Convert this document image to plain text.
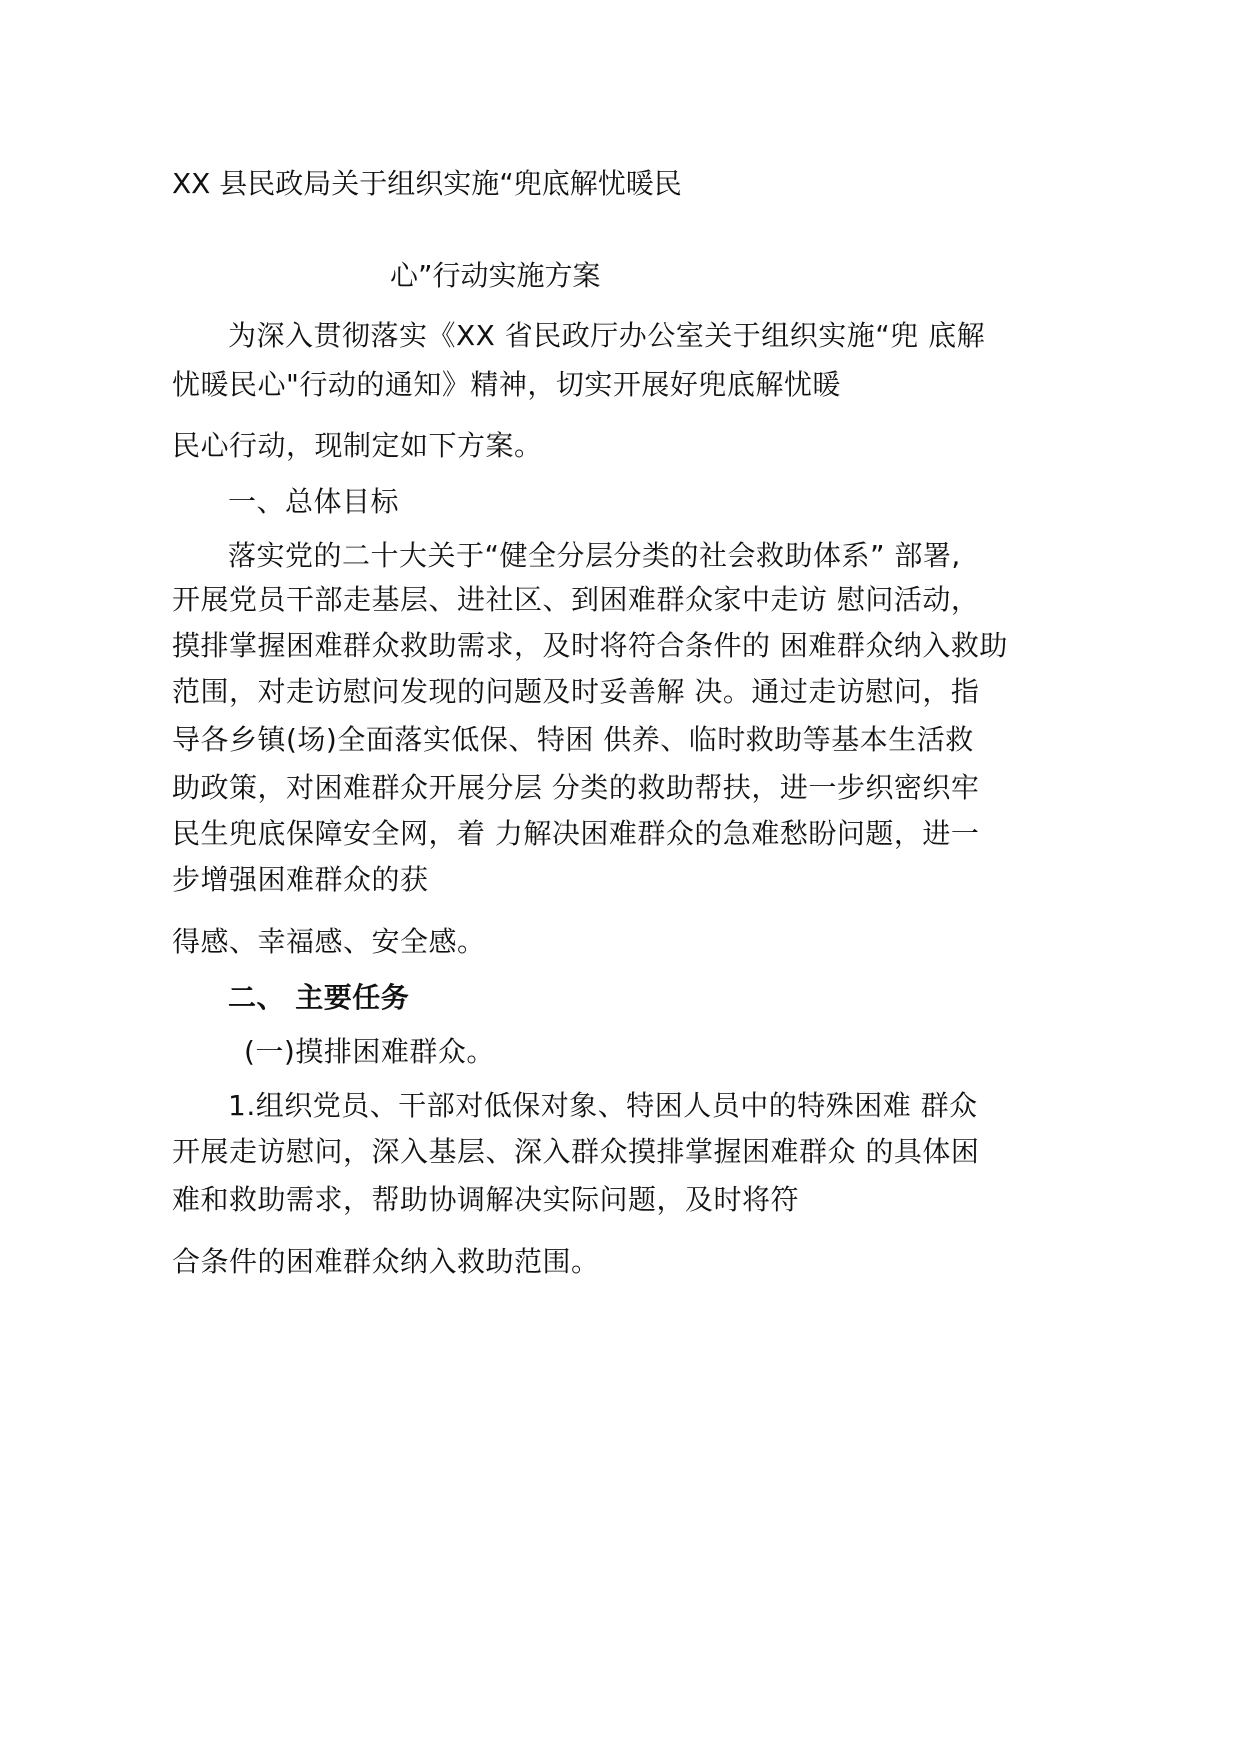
XX 县民政局关于组织实施“兜底解忧暖民
心”行动实施方案
为深入贯彻落实《XX 省民政厅办公室关于组织实施“兜 底解
忧暖民心"行动的通知》精神，切实开展好兜底解忧暖
民心行动，现制定如下方案。
一、总体目标
落实党的二十大关于“健全分层分类的社会救助体系” 部署,
开展党员干部走基层、进社区、到困难群众家中走访 慰问活动，
摸排掌握困难群众救助需求，及时将符合条件的 困难群众纳入救助
范围，对走访慰问发现的问题及时妥善解 决。通过走访慰问，指
导各乡镇(场)全面落实低保、特困 供养、临时救助等基本生活救
助政策，对困难群众开展分层 分类的救助帮扶，进一步织密织牢
民生兜底保障安全网，着 力解决困难群众的急难愁盼问题，进一
步增强困难群众的获
得感、幸福感、安全感。
二、 主要任务
(一)摸排困难群众。
1.组织党员、干部对低保对象、特困人员中的特殊困难 群众
开展走访慰问，深入基层、深入群众摸排掌握困难群众 的具体困
难和救助需求，帮助协调解决实际问题，及时将符
合条件的困难群众纳入救助范围。
